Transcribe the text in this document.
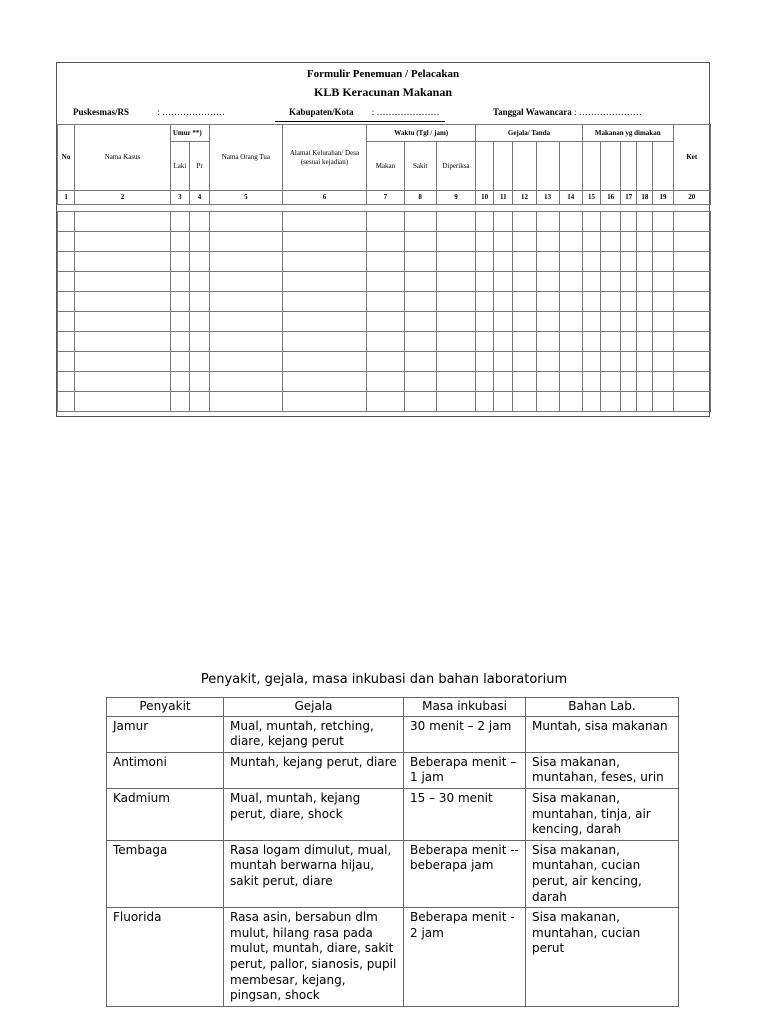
Formulir Penemuan / Pelacakan
KLB Keracunan Makanan
Puskesmas/RS	: …………………	Kabupaten/Kota : …………………	Tanggal Wawancara : …………………
No	Nama Kasus	Umur **)		Nama Orang Tua	Alamat Kelurahan/ Desa (sesuai kejadian)	Waktu (Tgl / jam)			Gejala/ Tanda					Makanan yg dimakan					Ket
		Laki	Pr			Makan	Sakit	Diperiksa											
1	2	3	4	5	6	7	8	9	10	11	12	13	14	15	16	17	18	19	20

Penyakit, gejala, masa inkubasi dan bahan laboratorium
Penyakit	Gejala	Masa inkubasi	Bahan Lab.
Jamur	Mual, muntah, retching, diare, kejang perut	30 menit – 2 jam	Muntah, sisa makanan
Antimoni	Muntah, kejang perut, diare	Beberapa menit – 1 jam	Sisa makanan, muntahan, feses, urin
Kadmium	Mual, muntah, kejang perut, diare, shock	15 – 30 menit	Sisa makanan, muntahan, tinja, air kencing, darah
Tembaga	Rasa logam dimulut, mual, muntah berwarna hijau, sakit perut, diare	Beberapa menit -- beberapa jam	Sisa makanan, muntahan, cucian perut, air kencing, darah
Fluorida	Rasa asin, bersabun dlm mulut, hilang rasa pada mulut, muntah, diare, sakit perut, pallor, sianosis, pupil membesar, kejang, pingsan, shock	Beberapa menit - 2 jam	Sisa makanan, muntahan, cucian perut
